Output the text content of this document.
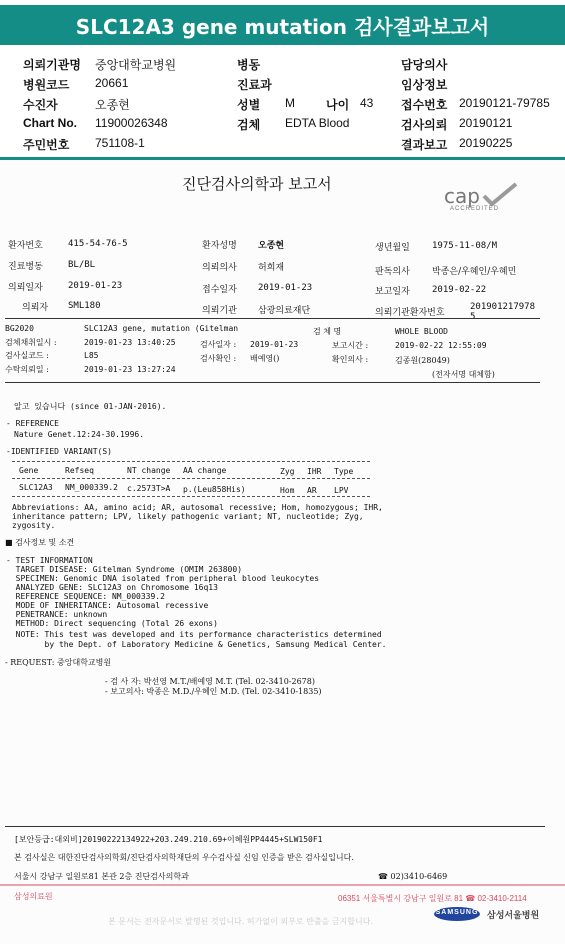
SLC12A3 gene mutation 검사결과보고서
의뢰기관명 중앙대학교병원	병동	담당의사
병원코드 20661	진료과	임상정보
수진자	오종현	성별 M	나이 43 접수번호 20190121-79785
Chart No. 11900026348	검체 EDTA Blood	검사의뢰 20190121
주민번호 751108-1	결과보고 20190225
진단검사의학과 보고서	cap
ACCREDITED
환자번호	415-54-76-5	환자성명 오종현	생년월일 1975-11-08/M
진료병동	BL/BL	의뢰의사 허희재	판독의사 박종은/우혜인/우혜민
의뢰일자	2019-01-23	접수일자 2019-01-23	보고일자 2019-02-22
의뢰자 SML180	의뢰기관 삼광의료재단	의뢰기관환자번호
201901217978
5
BG2020	SLC12A3 gene, mutation (Gitelman	검 체 명	WHOLE BLOOD
검체채취일시 :	2019-01-23 13:40:25	검사일자 : 2019-01-23	보고시간 :	2019-02-22 12:55:09
검사실코드 :	L85	검사확인 : 배예영()	확인의사 :	김종원(28049)
수탁의뢰일 :	2019-01-23 13:27:24
(전자서명 대체함)
알고 있습니다 (since 01-JAN-2016).
- REFERENCE
Nature Genet.12:24-30.1996.
-IDENTIFIED VARIANT(S)
Gene	Refseq	NT change AA change	Zyg IHR Type
SLC12A3 NM_000339.2 c.2573T>A p.(Leu858His)	Hom AR LPV
Abbreviations: AA, amino acid; AR, autosomal recessive; Hom, homozygous; IHR,
inheritance pattern; LPV, likely pathogenic variant; NT, nucleotide; Zyg,
zygosity.
■ 검사정보 및 소견
- TEST INFORMATION
TARGET DISEASE: Gitelman Syndrome (OMIM 263800)
SPECIMEN: Genomic DNA isolated from peripheral blood leukocytes
ANALYZED GENE: SLC12A3 on Chromosome 16q13
REFERENCE SEQUENCE: NM_000339.2
MODE OF INHERITANCE: Autosomal recessive
PENETRANCE: unknown
METHOD: Direct sequencing (Total 26 exons)
NOTE: This test was developed and its performance characteristics determined
by the Dept. of Laboratory Medicine & Genetics, Samsung Medical Center.
- REQUEST: 중앙대학교병원
- 검 사 자: 박선영 M.T./배예영 M.T. (Tel. 02-3410-2678)
- 보고의사: 박종은 M.D./우혜인 M.D. (Tel. 02-3410-1835)
[보안등급:대외비]20190222134922+203.249.210.69+이혜원PP4445+SLW150F1
본 검사실은 대한진단검사의학회/진단검사의학재단의 우수검사실 신임 인증을 받은 검사실입니다.
서울시 강남구 일원로81 본관 2층 진단검사의학과	☎ 02)3410-6469
삼성의료원	06351 서울특별시 강남구 일원로 81 ☎ 02-3410-2114
본 문서는 전자문서로 발행된 것입니다. 허가없이 외부로 반출을 금지합니다.
SAMSUNG 삼성서울병원
